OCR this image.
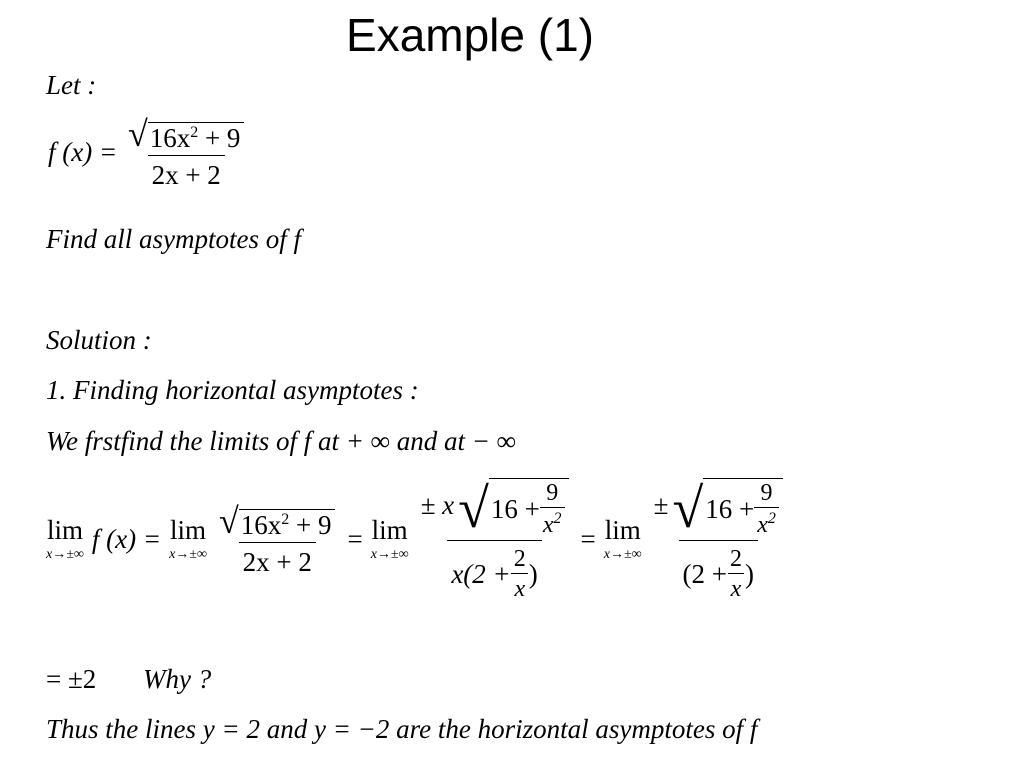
Example (1)
Let :
f $(x) = \frac{√ 16x^2 + 9}{2x + 2}$
Find all asymptotes of f
Solution :
1. Finding horizontal asymptotes :
We frstfind the limits of f at + ∞ and at − ∞
lim
x→±∞
f (x) = lim
$x\to\pm\infty \frac{√ 16x^2 + 9}{2x + 2} = \lim$
$x\to\pm\infty \frac{\pm x √ 16 + \frac{9}{x^2}}{x(2 + \frac{2}{x} )} = \lim$
$x\to\pm\infty \frac{\pm √ 16 + \frac{9}{x^2}}{(2 + \frac{2}{x} )}$
= ±2 Why ?
Thus the lines y = 2 and y = −2 are the horizontal asymptotes of f
